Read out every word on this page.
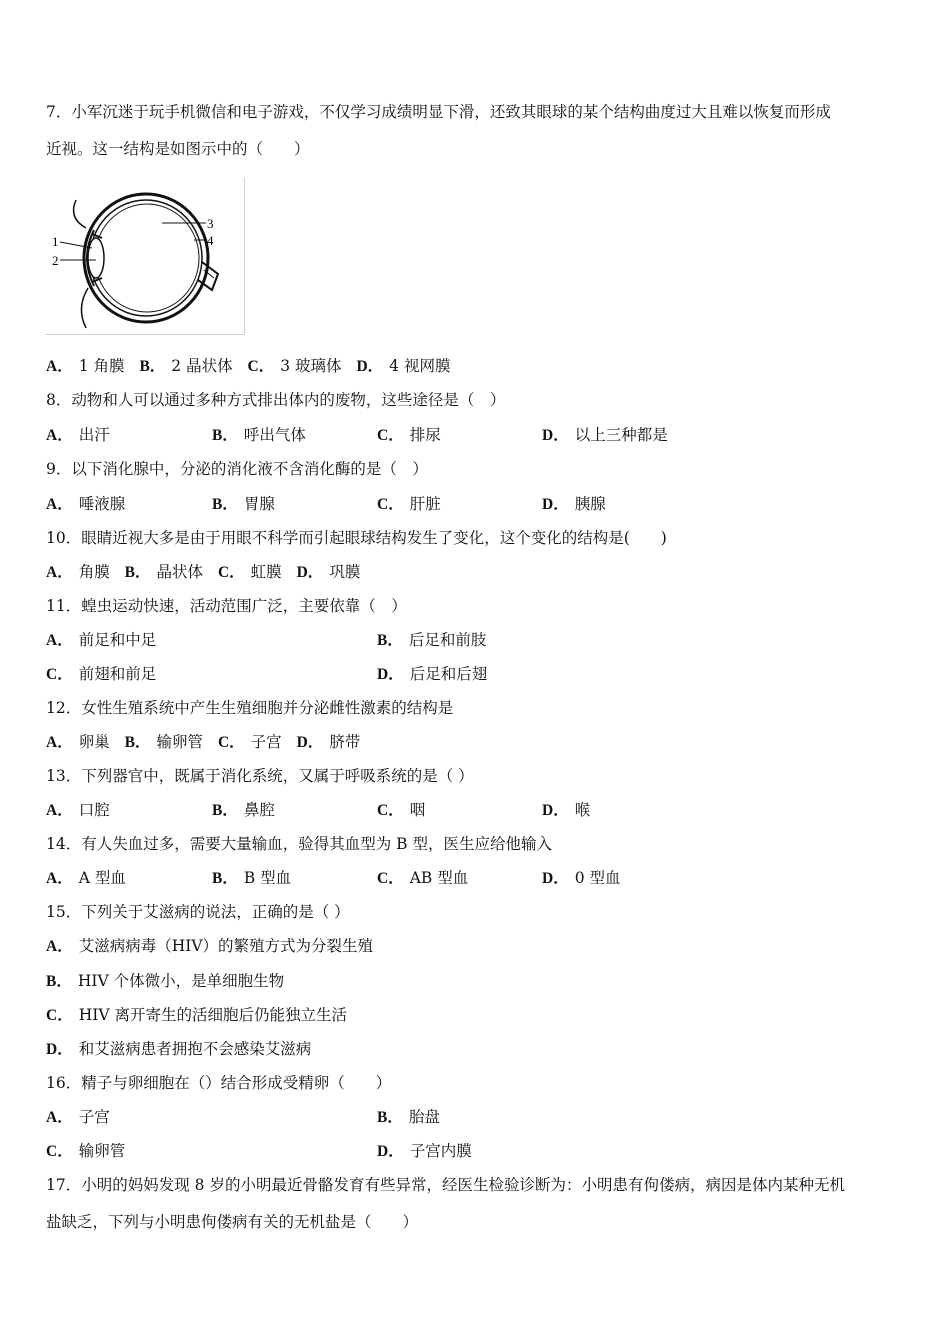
7．小军沉迷于玩手机微信和电子游戏，不仅学习成绩明显下滑，还致其眼球的某个结构曲度过大且难以恢复而形成
近视。这一结构是如图示中的（　　）
1
2
3
4
A． 1 角膜 B． 2 晶状体 C． 3 玻璃体 D． 4 视网膜
8．动物和人可以通过多种方式排出体内的废物，这些途径是（　）
A． 出汗	B． 呼出气体	C． 排尿	D． 以上三种都是
9．以下消化腺中，分泌的消化液不含消化酶的是（　）
A． 唾液腺	B． 胃腺	C． 肝脏	D． 胰腺
10．眼睛近视大多是由于用眼不科学而引起眼球结构发生了变化，这个变化的结构是(　　)
A． 角膜 B． 晶状体 C． 虹膜 D． 巩膜
11．蝗虫运动快速，活动范围广泛，主要依靠（　）
A． 前足和中足	B． 后足和前肢
C． 前翅和前足	D． 后足和后翅
12．女性生殖系统中产生生殖细胞并分泌雌性激素的结构是
A． 卵巢 B． 输卵管 C． 子宫 D． 脐带
13．下列器官中，既属于消化系统，又属于呼吸系统的是（ ）
A． 口腔	B． 鼻腔	C． 咽	D． 喉
14．有人失血过多，需要大量输血，验得其血型为 B 型，医生应给他输入
A． A 型血	B． B 型血	C． AB 型血	D． 0 型血
15．下列关于艾滋病的说法，正确的是（ ）
A． 艾滋病病毒（HIV）的繁殖方式为分裂生殖
B． HIV 个体微小，是单细胞生物
C． HIV 离开寄生的活细胞后仍能独立生活
D． 和艾滋病患者拥抱不会感染艾滋病
16．精子与卵细胞在（）结合形成受精卵（　　）
A． 子宫	B． 胎盘
C． 输卵管	D． 子宫内膜
17．小明的妈妈发现 8 岁的小明最近骨骼发育有些异常，经医生检验诊断为：小明患有佝偻病，病因是体内某种无机
盐缺乏，下列与小明患佝偻病有关的无机盐是（　　）
